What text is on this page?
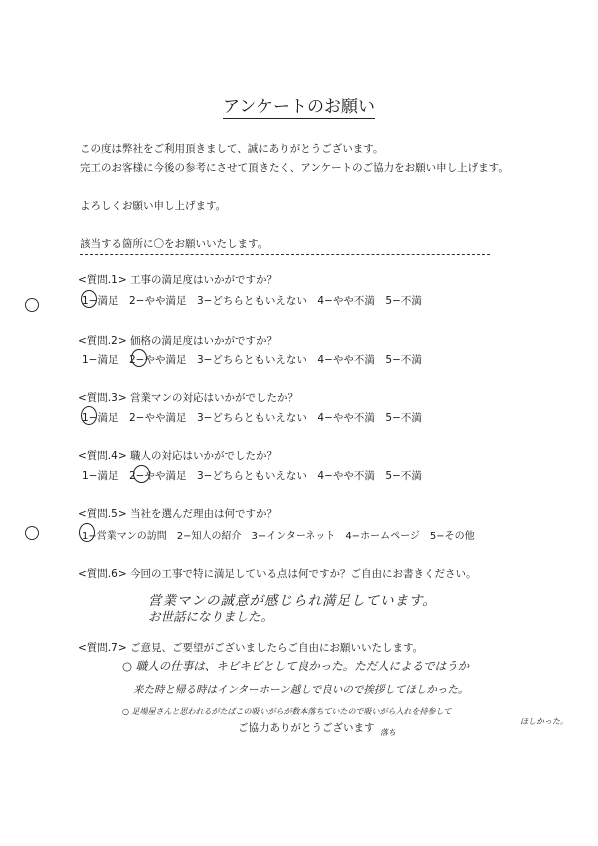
アンケートのお願い
この度は弊社をご利用頂きまして、誠にありがとうございます。
完工のお客様に今後の参考にさせて頂きたく、アンケートのご協力をお願い申し上げます。
よろしくお願い申し上げます。
該当する箇所に〇をお願いいたします。
<質問.1> 工事の満足度はいかがですか？
1−満足　2−やや満足　3−どちらともいえない　4−やや不満　5−不満
<質問.2> 価格の満足度はいかがですか？
1−満足　2−やや満足　3−どちらともいえない　4−やや不満　5−不満
<質問.3> 営業マンの対応はいかがでしたか？
1−満足　2−やや満足　3−どちらともいえない　4−やや不満　5−不満
<質問.4> 職人の対応はいかがでしたか？
1−満足　2−やや満足　3−どちらともいえない　4−やや不満　5−不満
<質問.5> 当社を選んだ理由は何ですか？
1−営業マンの訪問　2−知人の紹介　3−インターネット　4−ホームページ　5−その他
<質問.6> 今回の工事で特に満足している点は何ですか？ご自由にお書きください。
営業マンの誠意が感じられ満足しています。
お世話になりました。
<質問.7> ご意見、ご要望がございましたらご自由にお願いいたします。
○ 職人の仕事は、キビキビとして良かった。ただ人によるではうか
来た時と帰る時はインターホーン越しで良いので挨拶してほしかった。
○ 足場屋さんと思われるがたばこの吸いがらが数本落ちていたので吸いがら入れを持参して
ほしかった。
落ち
ご協力ありがとうございます
